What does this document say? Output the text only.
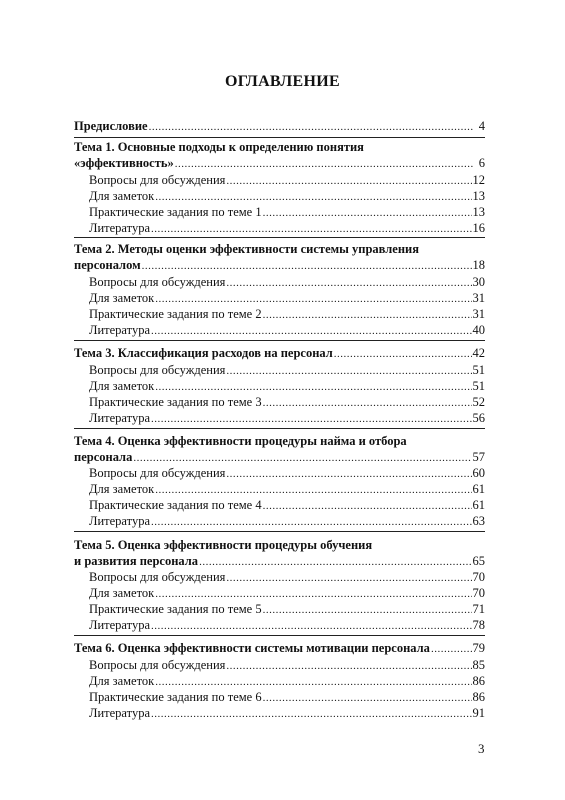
ОГЛАВЛЕНИЕ
Предисловие .....	4
Тема 1. Основные подходы к определению понятия
«эффективность» .....	6
Вопросы для обсуждения .....	12
Для заметок .....	13
Практические задания по теме 1 .....	13
Литература .....	16
Тема 2. Методы оценки эффективности системы управления
персоналом .....	18
Вопросы для обсуждения .....	30
Для заметок .....	31
Практические задания по теме 2 .....	31
Литература .....	40
Тема 3. Классификация расходов на персонал .....	42
Вопросы для обсуждения .....	51
Для заметок .....	51
Практические задания по теме 3 .....	52
Литература .....	56
Тема 4. Оценка эффективности процедуры найма и отбора
персонала .....	57
Вопросы для обсуждения .....	60
Для заметок .....	61
Практические задания по теме 4 .....	61
Литература .....	63
Тема 5. Оценка эффективности процедуры обучения
и развития персонала .....	65
Вопросы для обсуждения .....	70
Для заметок .....	70
Практические задания по теме 5 .....	71
Литература .....	78
Тема 6. Оценка эффективности системы мотивации персонала .....	79
Вопросы для обсуждения .....	85
Для заметок .....	86
Практические задания по теме 6 .....	86
Литература .....	91
3
